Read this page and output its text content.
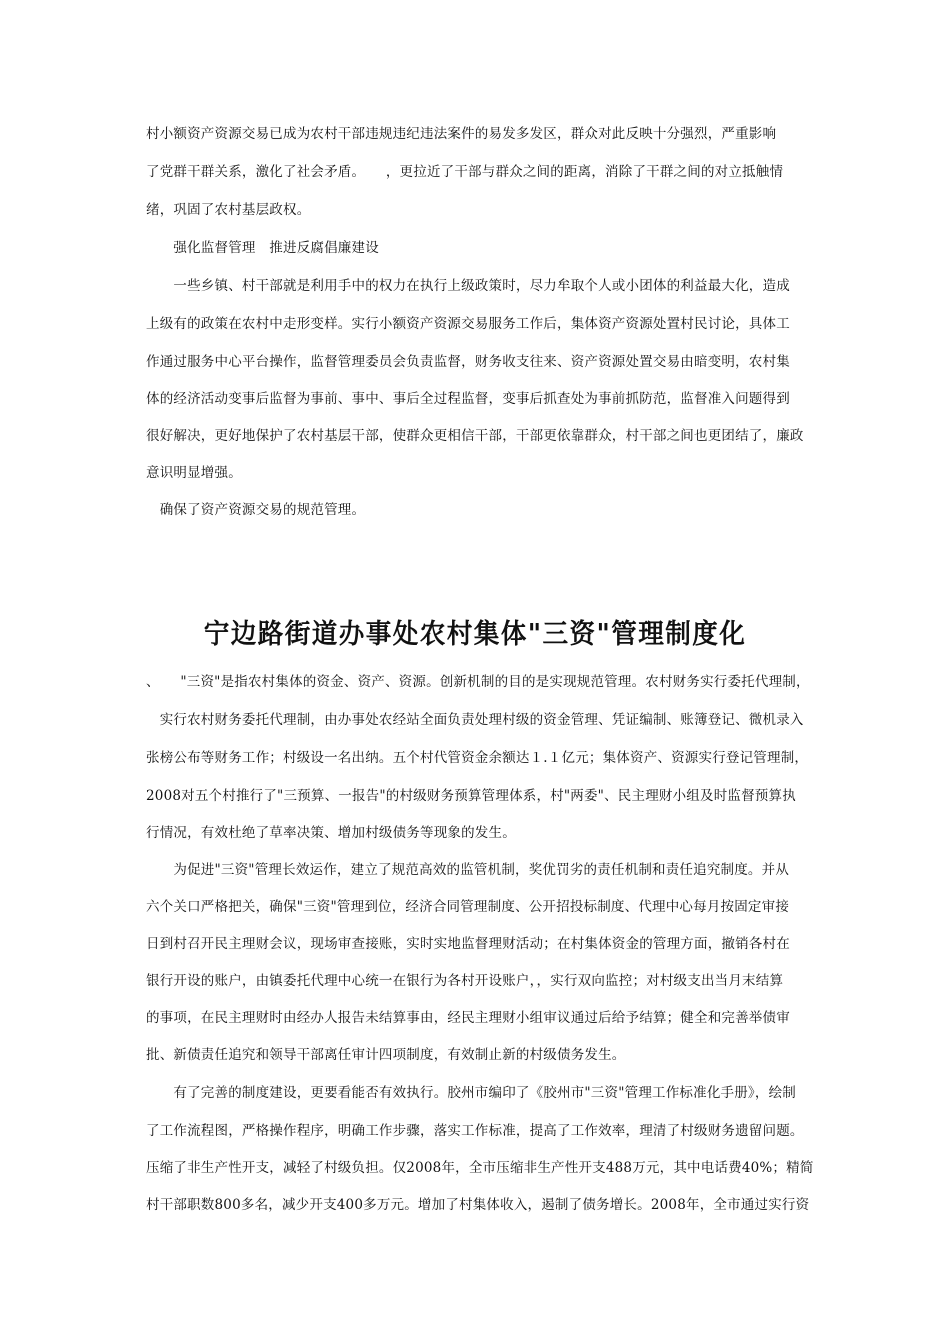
村小额资产资源交易已成为农村干部违规违纪违法案件的易发多发区，群众对此反映十分强烈，严重影响
了党群干群关系，激化了社会矛盾。　　，更拉近了干部与群众之间的距离，消除了干群之间的对立抵触情
绪，巩固了农村基层政权。
　　强化监督管理　推进反腐倡廉建设
　　一些乡镇、村干部就是利用手中的权力在执行上级政策时，尽力牟取个人或小团体的利益最大化，造成
上级有的政策在农村中走形变样。实行小额资产资源交易服务工作后，集体资产资源处置村民讨论，具体工
作通过服务中心平台操作，监督管理委员会负责监督，财务收支往来、资产资源处置交易由暗变明，农村集
体的经济活动变事后监督为事前、事中、事后全过程监督，变事后抓查处为事前抓防范，监督准入问题得到
很好解决，更好地保护了农村基层干部，使群众更相信干部，干部更依靠群众，村干部之间也更团结了，廉政
意识明显增强。
　确保了资产资源交易的规范管理。
宁边路街道办事处农村集体"三资"管理制度化
、　　"三资"是指农村集体的资金、资产、资源。创新机制的目的是实现规范管理。农村财务实行委托代理制，
　实行农村财务委托代理制，由办事处农经站全面负责处理村级的资金管理、凭证编制、账簿登记、微机录入
张榜公布等财务工作；村级设一名出纳。五个村代管资金余额达１.１亿元；集体资产、资源实行登记管理制，
2008对五个村推行了"三预算、一报告"的村级财务预算管理体系，村"两委"、民主理财小组及时监督预算执
行情况，有效杜绝了草率决策、增加村级债务等现象的发生。
　　为促进"三资"管理长效运作，建立了规范高效的监管机制，奖优罚劣的责任机制和责任追究制度。并从
六个关口严格把关，确保"三资"管理到位，经济合同管理制度、公开招投标制度、代理中心每月按固定审接
日到村召开民主理财会议，现场审查接账，实时实地监督理财活动；在村集体资金的管理方面，撤销各村在
银行开设的账户，由镇委托代理中心统一在银行为各村开设账户，，实行双向监控；对村级支出当月末结算
的事项，在民主理财时由经办人报告未结算事由，经民主理财小组审议通过后给予结算；健全和完善举债审
批、新债责任追究和领导干部离任审计四项制度，有效制止新的村级债务发生。
　　有了完善的制度建设，更要看能否有效执行。胶州市编印了《胶州市"三资"管理工作标准化手册》，绘制
了工作流程图，严格操作程序，明确工作步骤，落实工作标准，提高了工作效率，理清了村级财务遗留问题。
压缩了非生产性开支，减轻了村级负担。仅2008年，全市压缩非生产性开支488万元，其中电话费40%；精简
村干部职数800多名，减少开支400多万元。增加了村集体收入，遏制了债务增长。2008年，全市通过实行资
